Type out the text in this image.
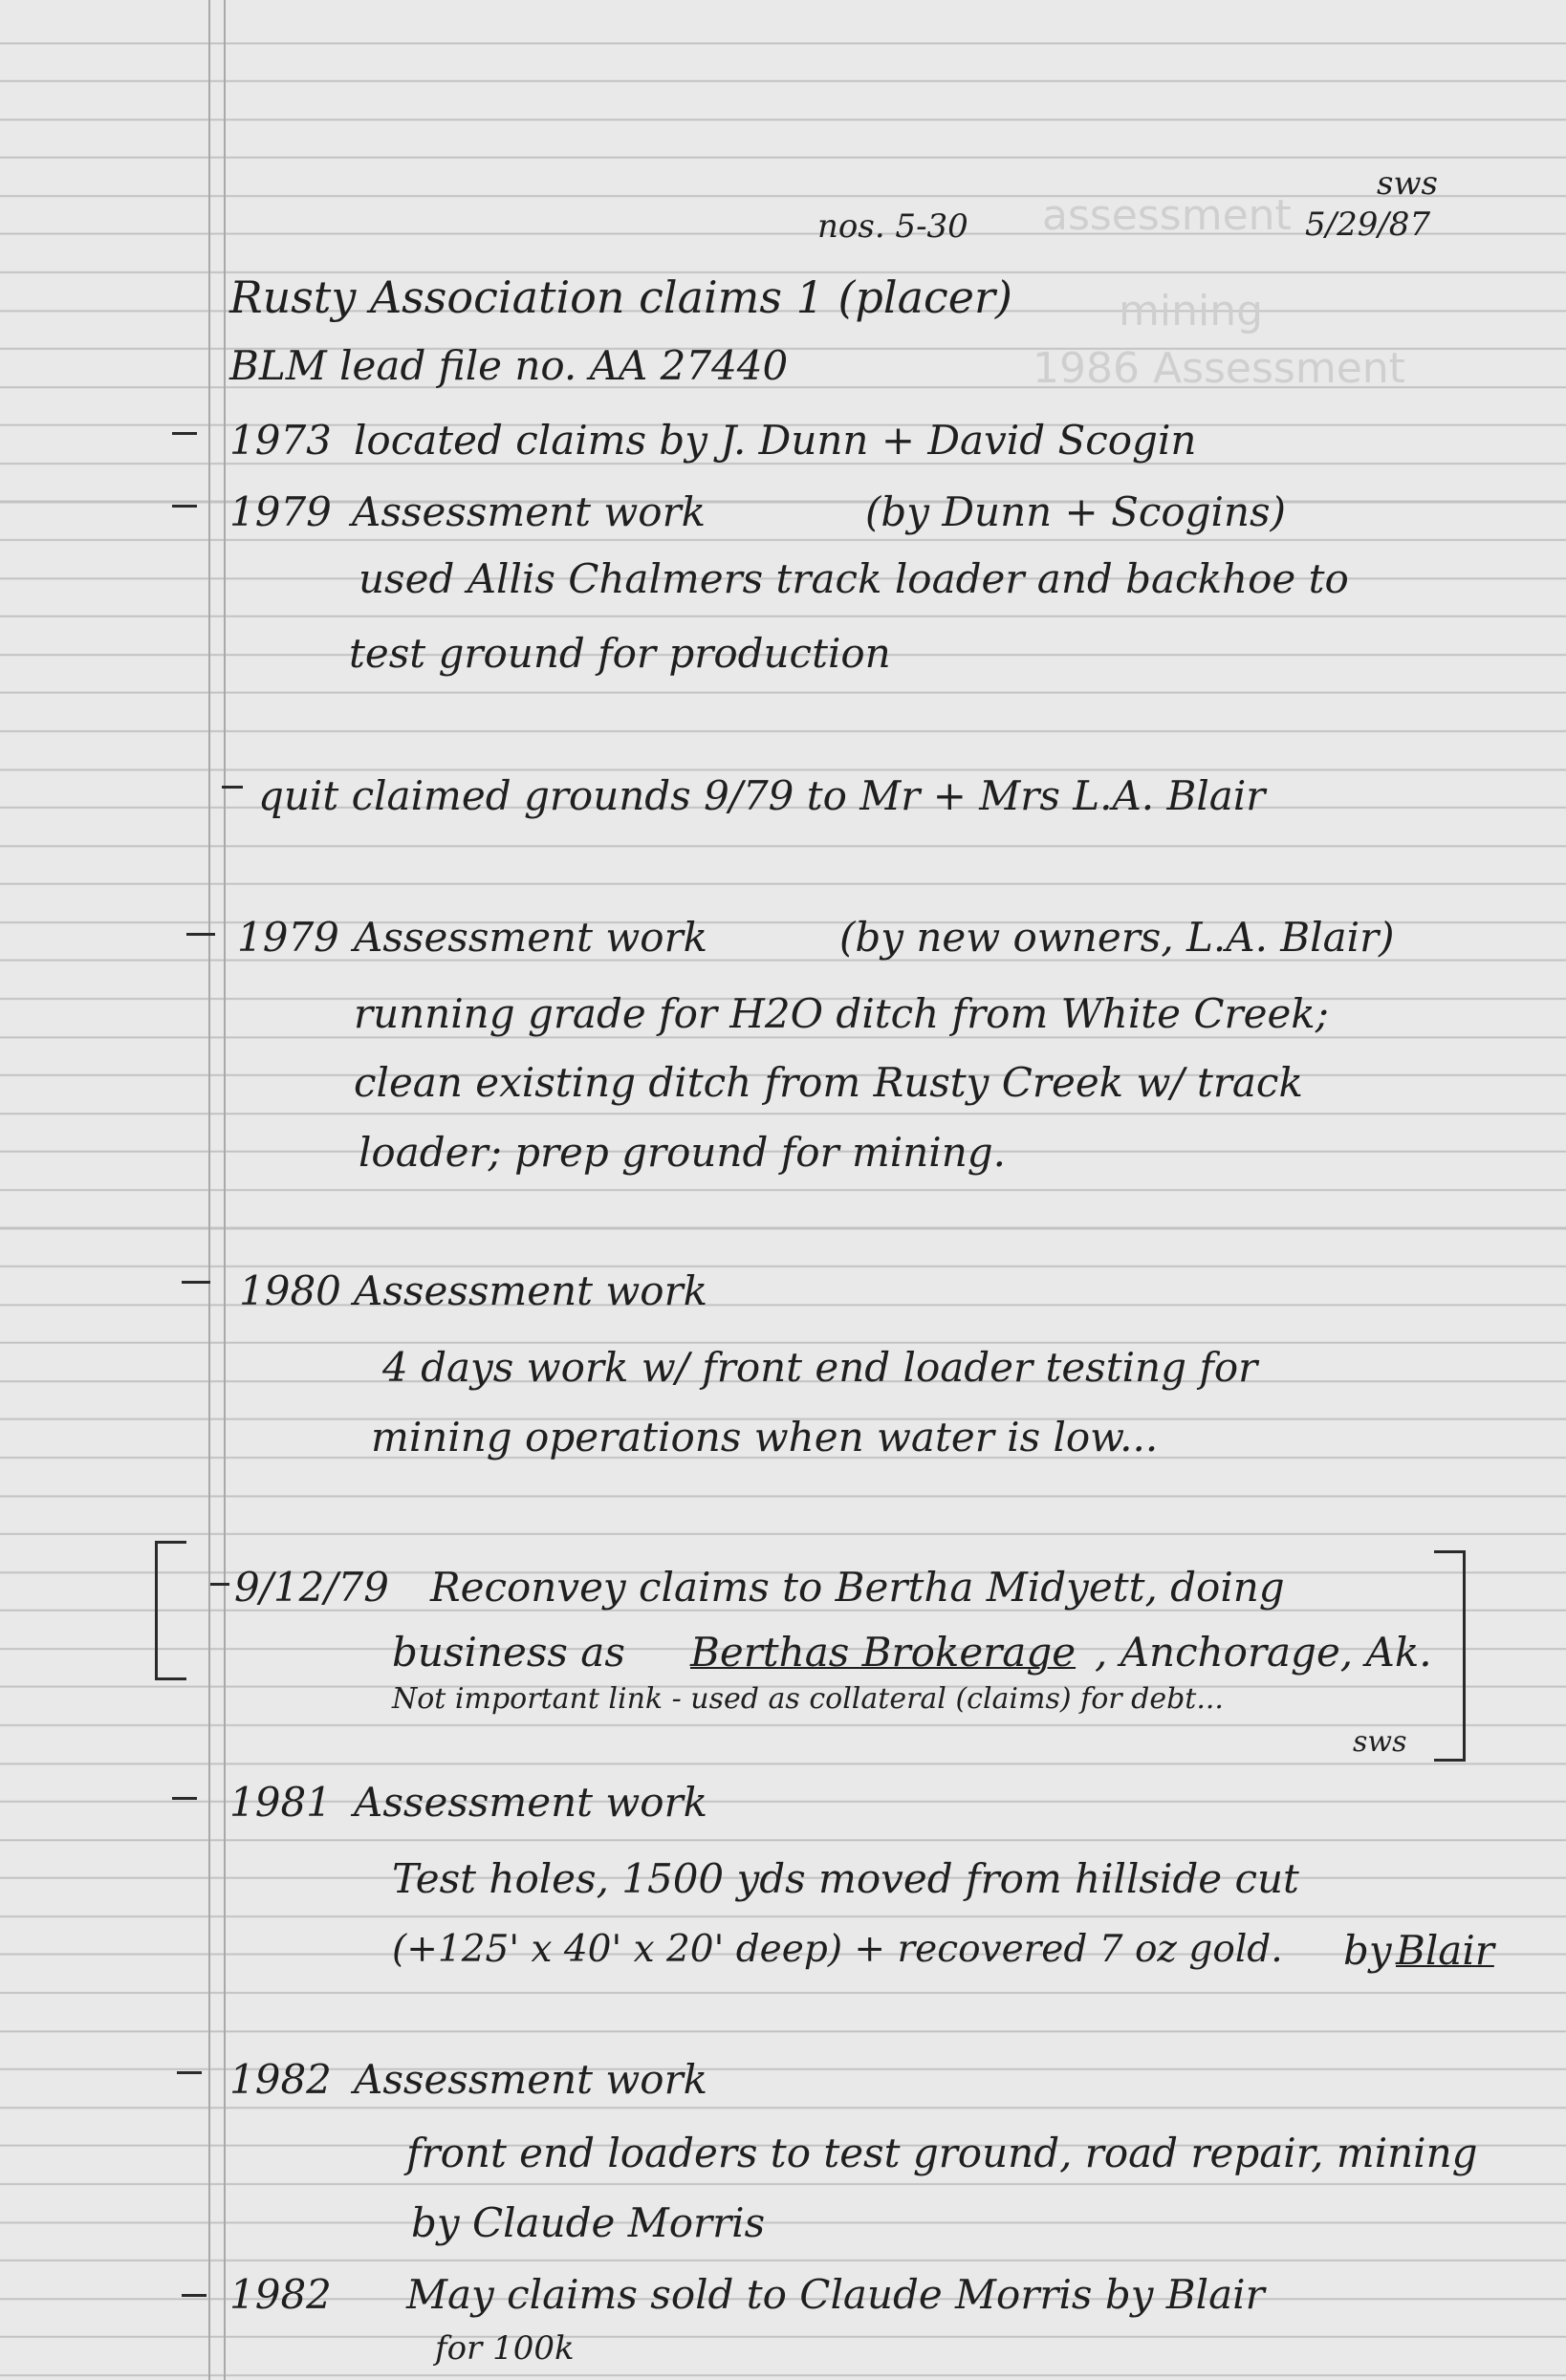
assessment
mining
1986 Assessment
nos. 5-30
sws
5/29/87
Rusty Association claims 1 (placer)
BLM lead file no. AA 27440
1973 located claims by J. Dunn + David Scogin
1979 Assessment work	(by Dunn + Scogins)
used Allis Chalmers track loader and backhoe to
test ground for production
quit claimed grounds 9/79 to Mr + Mrs L.A. Blair
1979 Assessment work	(by new owners, L.A. Blair)
running grade for H2O ditch from White Creek;
clean existing ditch from Rusty Creek w/ track
loader; prep ground for mining.
1980 Assessment work
4 days work w/ front end loader testing for
mining operations when water is low...
9/12/79 Reconvey claims to Bertha Midyett, doing
business as Berthas Brokerage , Anchorage, Ak.
Not important link - used as collateral (claims) for debt...
sws
1981 Assessment work
Test holes, 1500 yds moved from hillside cut
(+125' x 40' x 20' deep) + recovered 7 oz gold. by Blair
1982 Assessment work
front end loaders to test ground, road repair, mining
by Claude Morris
1982 May claims sold to Claude Morris by Blair
for 100k
